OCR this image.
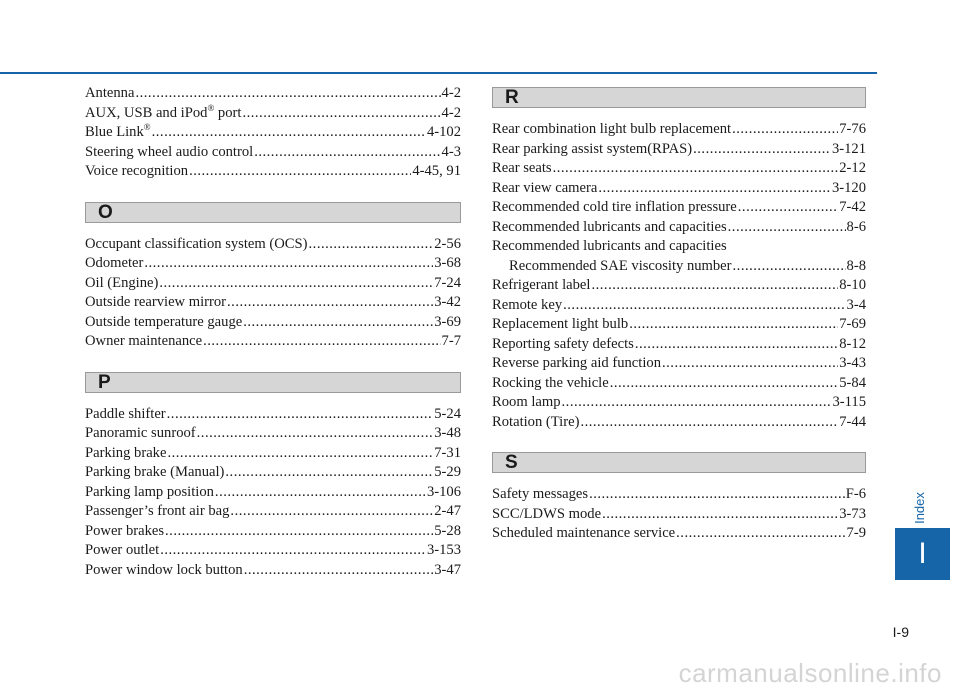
Antenna .....	4-2
AUX, USB and iPod® port .....	4-2
Blue Link® .....	4-102
Steering wheel audio control .....	4-3
Voice recognition .....	4-45, 91
O
Occupant classification system (OCS) .....	2-56
Odometer .....	3-68
Oil (Engine) .....	7-24
Outside rearview mirror .....	3-42
Outside temperature gauge .....	3-69
Owner maintenance .....	7-7
P
Paddle shifter .....	5-24
Panoramic sunroof .....	3-48
Parking brake .....	7-31
Parking brake (Manual) .....	5-29
Parking lamp position .....	3-106
Passenger’s front air bag .....	2-47
Power brakes .....	5-28
Power outlet .....	3-153
Power window lock button .....	3-47
R
Rear combination light bulb replacement .....	7-76
Rear parking assist system(RPAS) .....	3-121
Rear seats .....	2-12
Rear view camera .....	3-120
Recommended cold tire inflation pressure .....	7-42
Recommended lubricants and capacities .....	8-6
Recommended lubricants and capacities
Recommended SAE viscosity number .....	8-8
Refrigerant label .....	8-10
Remote key .....	3-4
Replacement light bulb .....	7-69
Reporting safety defects .....	8-12
Reverse parking aid function .....	3-43
Rocking the vehicle .....	5-84
Room lamp .....	3-115
Rotation (Tire) .....	7-44
S
Safety messages .....	F-6
SCC/LDWS mode .....	3-73
Scheduled maintenance service .....	7-9
Index
I
I-9
carmanualsonline.info
